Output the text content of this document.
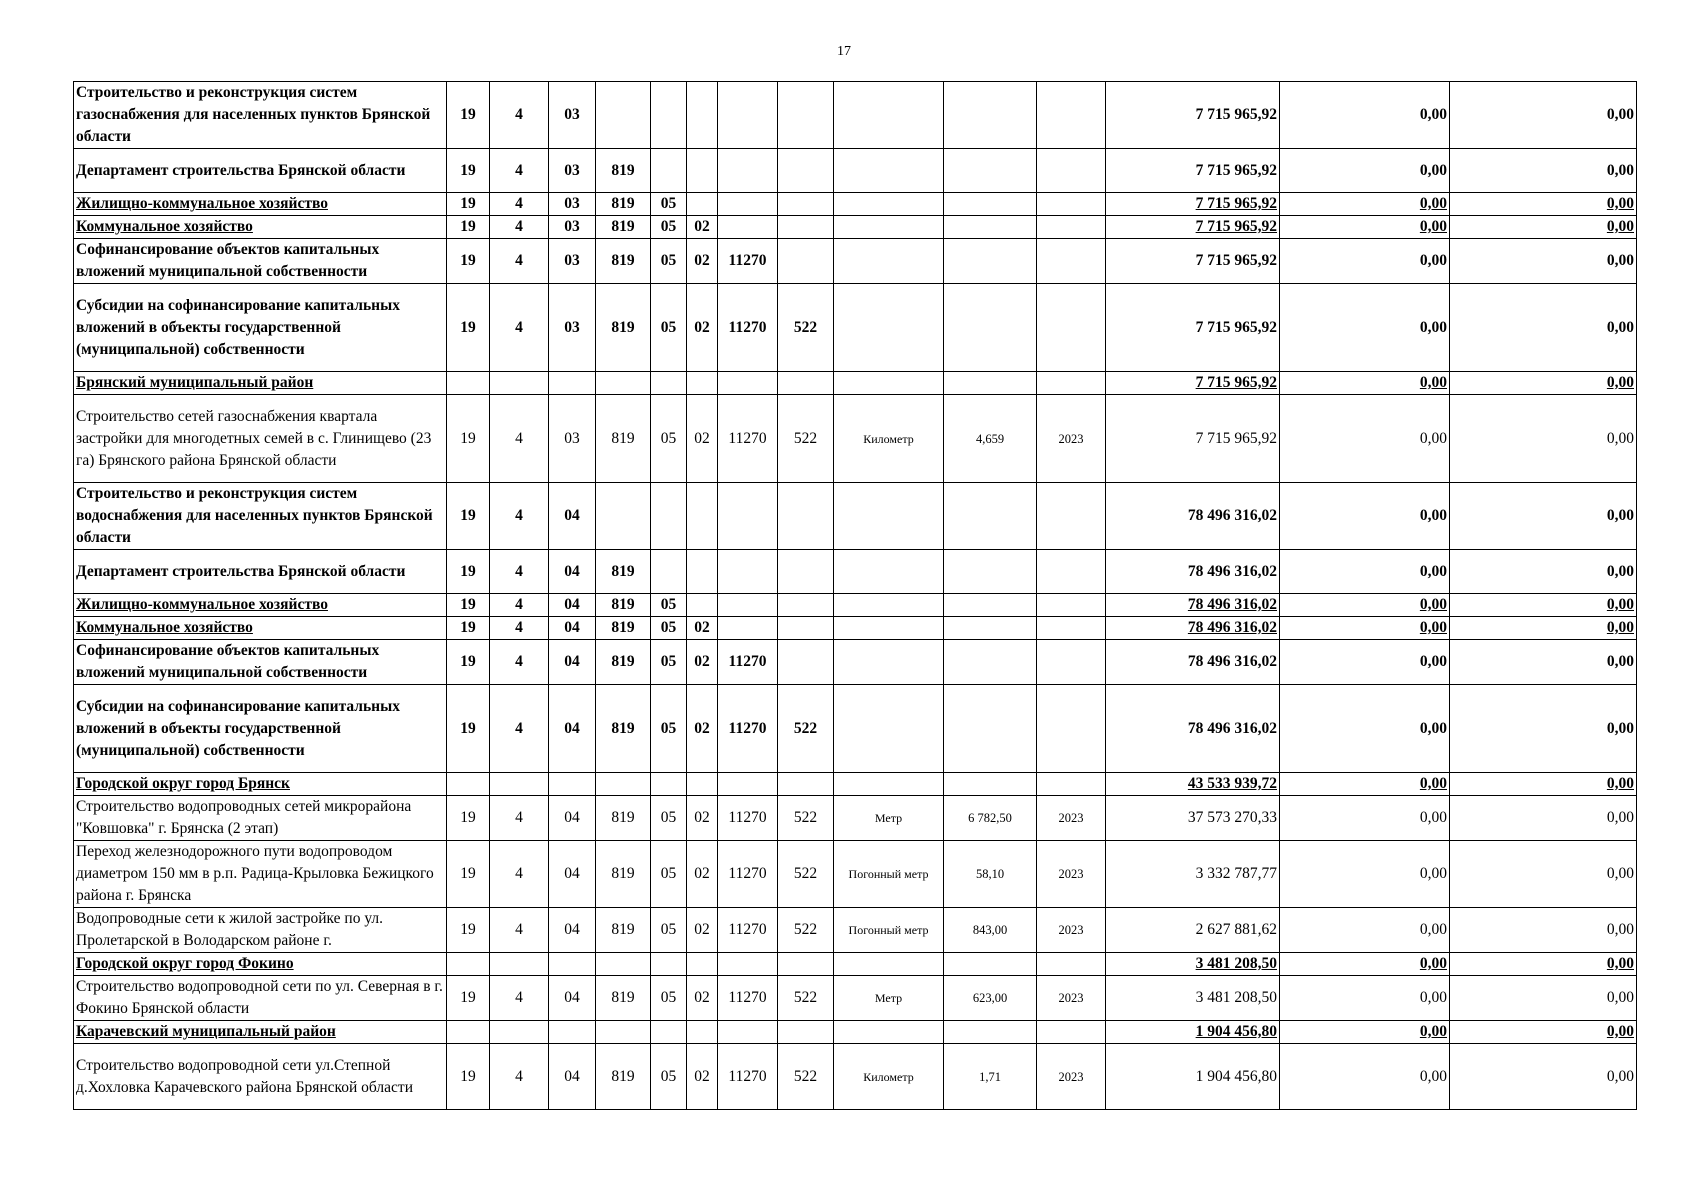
17
Строительство и реконструкция систем газоснабжения для населенных пунктов Брянской области	19	4	03									7 715 965,92	0,00	0,00
Департамент строительства Брянской области	19	4	03	819								7 715 965,92	0,00	0,00
Жилищно-коммунальное хозяйство	19	4	03	819	05							7 715 965,92	0,00	0,00
Коммунальное хозяйство	19	4	03	819	05	02						7 715 965,92	0,00	0,00
Софинансирование объектов капитальных вложений муниципальной собственности	19	4	03	819	05	02	11270					7 715 965,92	0,00	0,00
Субсидии на софинансирование капитальных вложений в объекты государственной (муниципальной) собственности	19	4	03	819	05	02	11270	522				7 715 965,92	0,00	0,00
Брянский муниципальный район												7 715 965,92	0,00	0,00
Строительство сетей газоснабжения квартала застройки для многодетных семей в с. Глинищево (23 га) Брянского района Брянской области	19	4	03	819	05	02	11270	522	Километр	4,659	2023	7 715 965,92	0,00	0,00
Строительство и реконструкция систем водоснабжения для населенных пунктов Брянской области	19	4	04									78 496 316,02	0,00	0,00
Департамент строительства Брянской области	19	4	04	819								78 496 316,02	0,00	0,00
Жилищно-коммунальное хозяйство	19	4	04	819	05							78 496 316,02	0,00	0,00
Коммунальное хозяйство	19	4	04	819	05	02						78 496 316,02	0,00	0,00
Софинансирование объектов капитальных вложений муниципальной собственности	19	4	04	819	05	02	11270					78 496 316,02	0,00	0,00
Субсидии на софинансирование капитальных вложений в объекты государственной (муниципальной) собственности	19	4	04	819	05	02	11270	522				78 496 316,02	0,00	0,00
Городской округ город Брянск												43 533 939,72	0,00	0,00
Строительство водопроводных сетей микрорайона "Ковшовка" г. Брянска (2 этап)	19	4	04	819	05	02	11270	522	Метр	6 782,50	2023	37 573 270,33	0,00	0,00
Переход железнодорожного пути водопроводом диаметром 150 мм в р.п. Радица-Крыловка Бежицкого района г. Брянска	19	4	04	819	05	02	11270	522	Погонный метр	58,10	2023	3 332 787,77	0,00	0,00
Водопроводные сети к жилой застройке по ул. Пролетарской в Володарском районе г.	19	4	04	819	05	02	11270	522	Погонный метр	843,00	2023	2 627 881,62	0,00	0,00
Городской округ город Фокино												3 481 208,50	0,00	0,00
Строительство водопроводной сети по ул. Северная в г. Фокино Брянской области	19	4	04	819	05	02	11270	522	Метр	623,00	2023	3 481 208,50	0,00	0,00
Карачевский муниципальный район												1 904 456,80	0,00	0,00
Строительство водопроводной сети ул.Степной д.Хохловка Карачевского района Брянской области	19	4	04	819	05	02	11270	522	Километр	1,71	2023	1 904 456,80	0,00	0,00
